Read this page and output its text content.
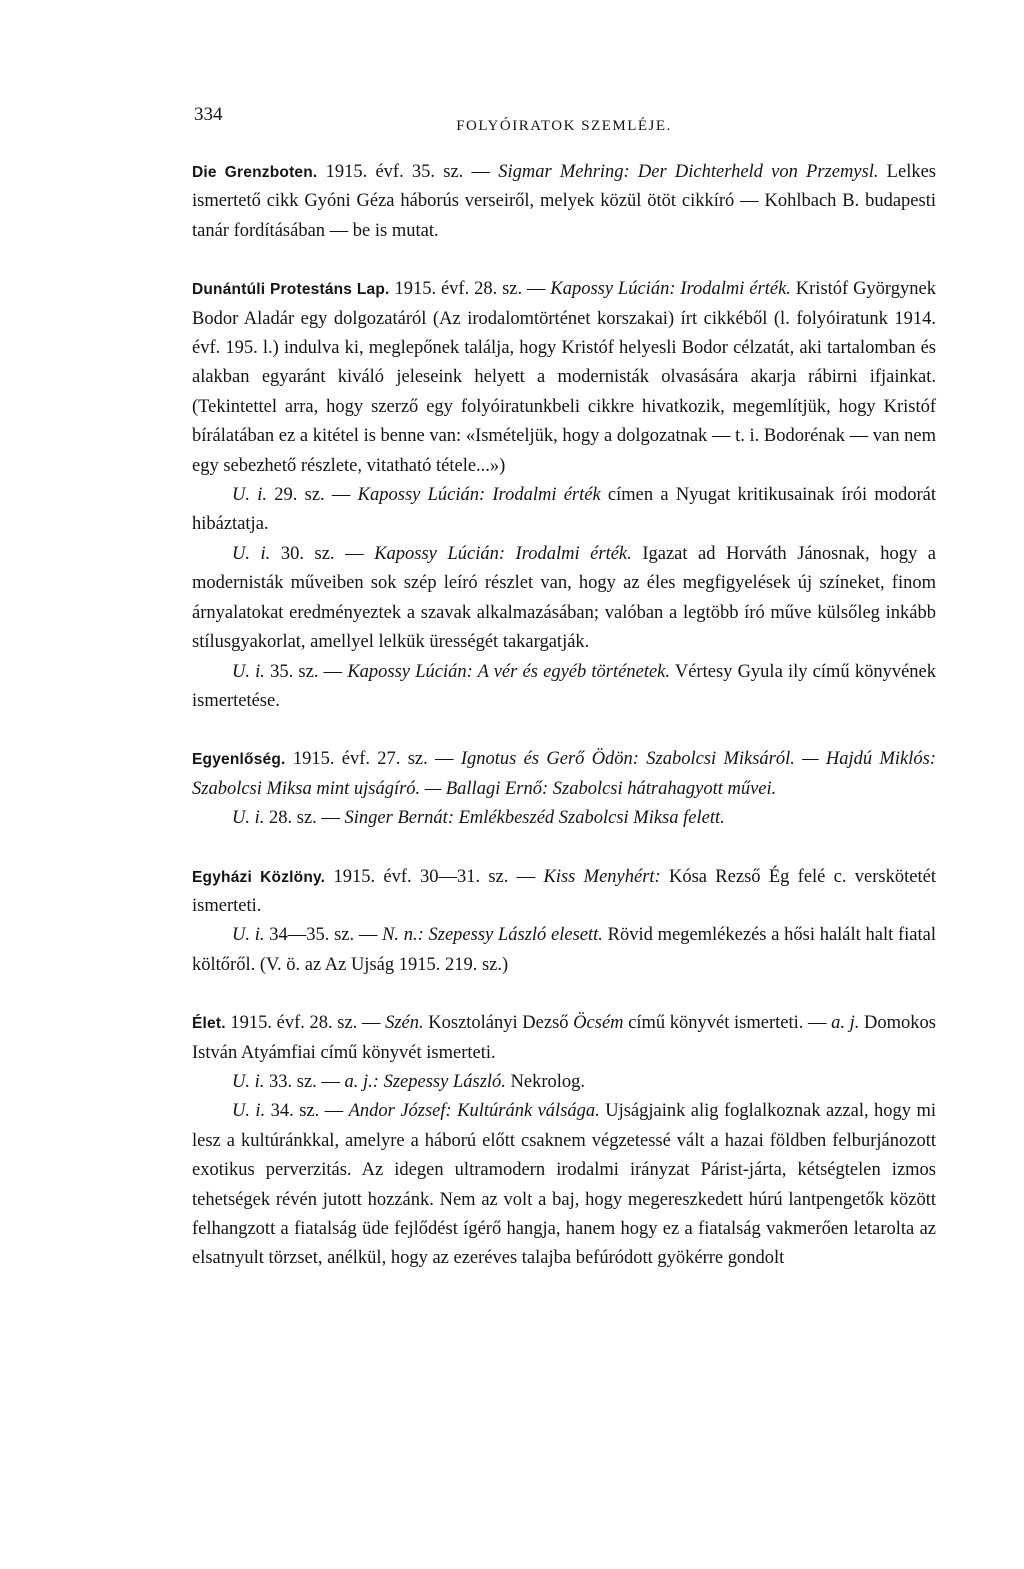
334
FOLYÓIRATOK SZEMLÉJE.

Die Grenzboten. 1915. évf. 35. sz. — Sigmar Mehring: Der Dichterheld von Przemysl. Lelkes ismertető cikk Gyóni Géza háborús verseiről, melyek közül ötöt cikkíró — Kohlbach B. budapesti tanár fordításában — be is mutat.

Dunántúli Protestáns Lap. 1915. évf. 28. sz. — Kapossy Lúcián: Irodalmi érték. Kristóf Györgynek Bodor Aladár egy dolgozatáról (Az irodalomtörténet korszakai) írt cikkéből (l. folyóiratunk 1914. évf. 195. l.) indulva ki, meglepőnek találja, hogy Kristóf helyesli Bodor célzatát, aki tartalomban és alakban egyaránt kiváló jeleseink helyett a modernisták olvasására akarja rábirni ifjainkat. (Tekintettel arra, hogy szerző egy folyóiratunkbeli cikkre hivatkozik, megemlítjük, hogy Kristóf bírálatában ez a kitétel is benne van: «Ismételjük, hogy a dolgozatnak — t. i. Bodorénak — van nem egy sebezhető részlete, vitatható tétele...»)

U. i. 29. sz. — Kapossy Lúcián: Irodalmi érték címen a Nyugat kritikusainak írói modorát hibáztatja.

U. i. 30. sz. — Kapossy Lúcián: Irodalmi érték. Igazat ad Horváth Jánosnak, hogy a modernisták műveiben sok szép leíró részlet van, hogy az éles megfigyelések új színeket, finom árnyalatokat eredményeztek a szavak alkalmazásában; valóban a legtöbb író műve külsőleg inkább stílusgyakorlat, amellyel lelkük ürességét takargatják.

U. i. 35. sz. — Kapossy Lúcián: A vér és egyéb történetek. Vértesy Gyula ily című könyvének ismertetése.

Egyenlőség. 1915. évf. 27. sz. — Ignotus és Gerő Ödön: Szabolcsi Miksáról. — Hajdú Miklós: Szabolcsi Miksa mint ujságíró. — Ballagi Ernő: Szabolcsi hátrahagyott művei.

U. i. 28. sz. — Singer Bernát: Emlékbeszéd Szabolcsi Miksa felett.

Egyházi Közlöny. 1915. évf. 30—31. sz. — Kiss Menyhért: Kósa Rezső Ég felé c. verskötetét ismerteti.

U. i. 34—35. sz. — N. n.: Szepessy László elesett. Rövid megemlékezés a hősi halált halt fiatal költőről. (V. ö. az Az Ujság 1915. 219. sz.)

Élet. 1915. évf. 28. sz. — Szén. Kosztolányi Dezső Öcsém című könyvét ismerteti. — a. j. Domokos István Atyámfiai című könyvét ismerteti.

U. i. 33. sz. — a. j.: Szepessy László. Nekrolog.

U. i. 34. sz. — Andor József: Kultúránk válsága. Ujságjaink alig foglalkoznak azzal, hogy mi lesz a kultúránkkal, amelyre a háború előtt csaknem végzetessé vált a hazai földben felburjánozott exotikus perverzitás. Az idegen ultramodern irodalmi irányzat Párist-járta, kétségtelen izmos tehetségek révén jutott hozzánk. Nem az volt a baj, hogy megereszkedett húrú lantpengetők között felhangzott a fiatalság üde fejlődést ígérő hangja, hanem hogy ez a fiatalság vakmerően letarolta az elsatnyult törzset, anélkül, hogy az ezeréves talajba befúródott gyökérre gondolt
